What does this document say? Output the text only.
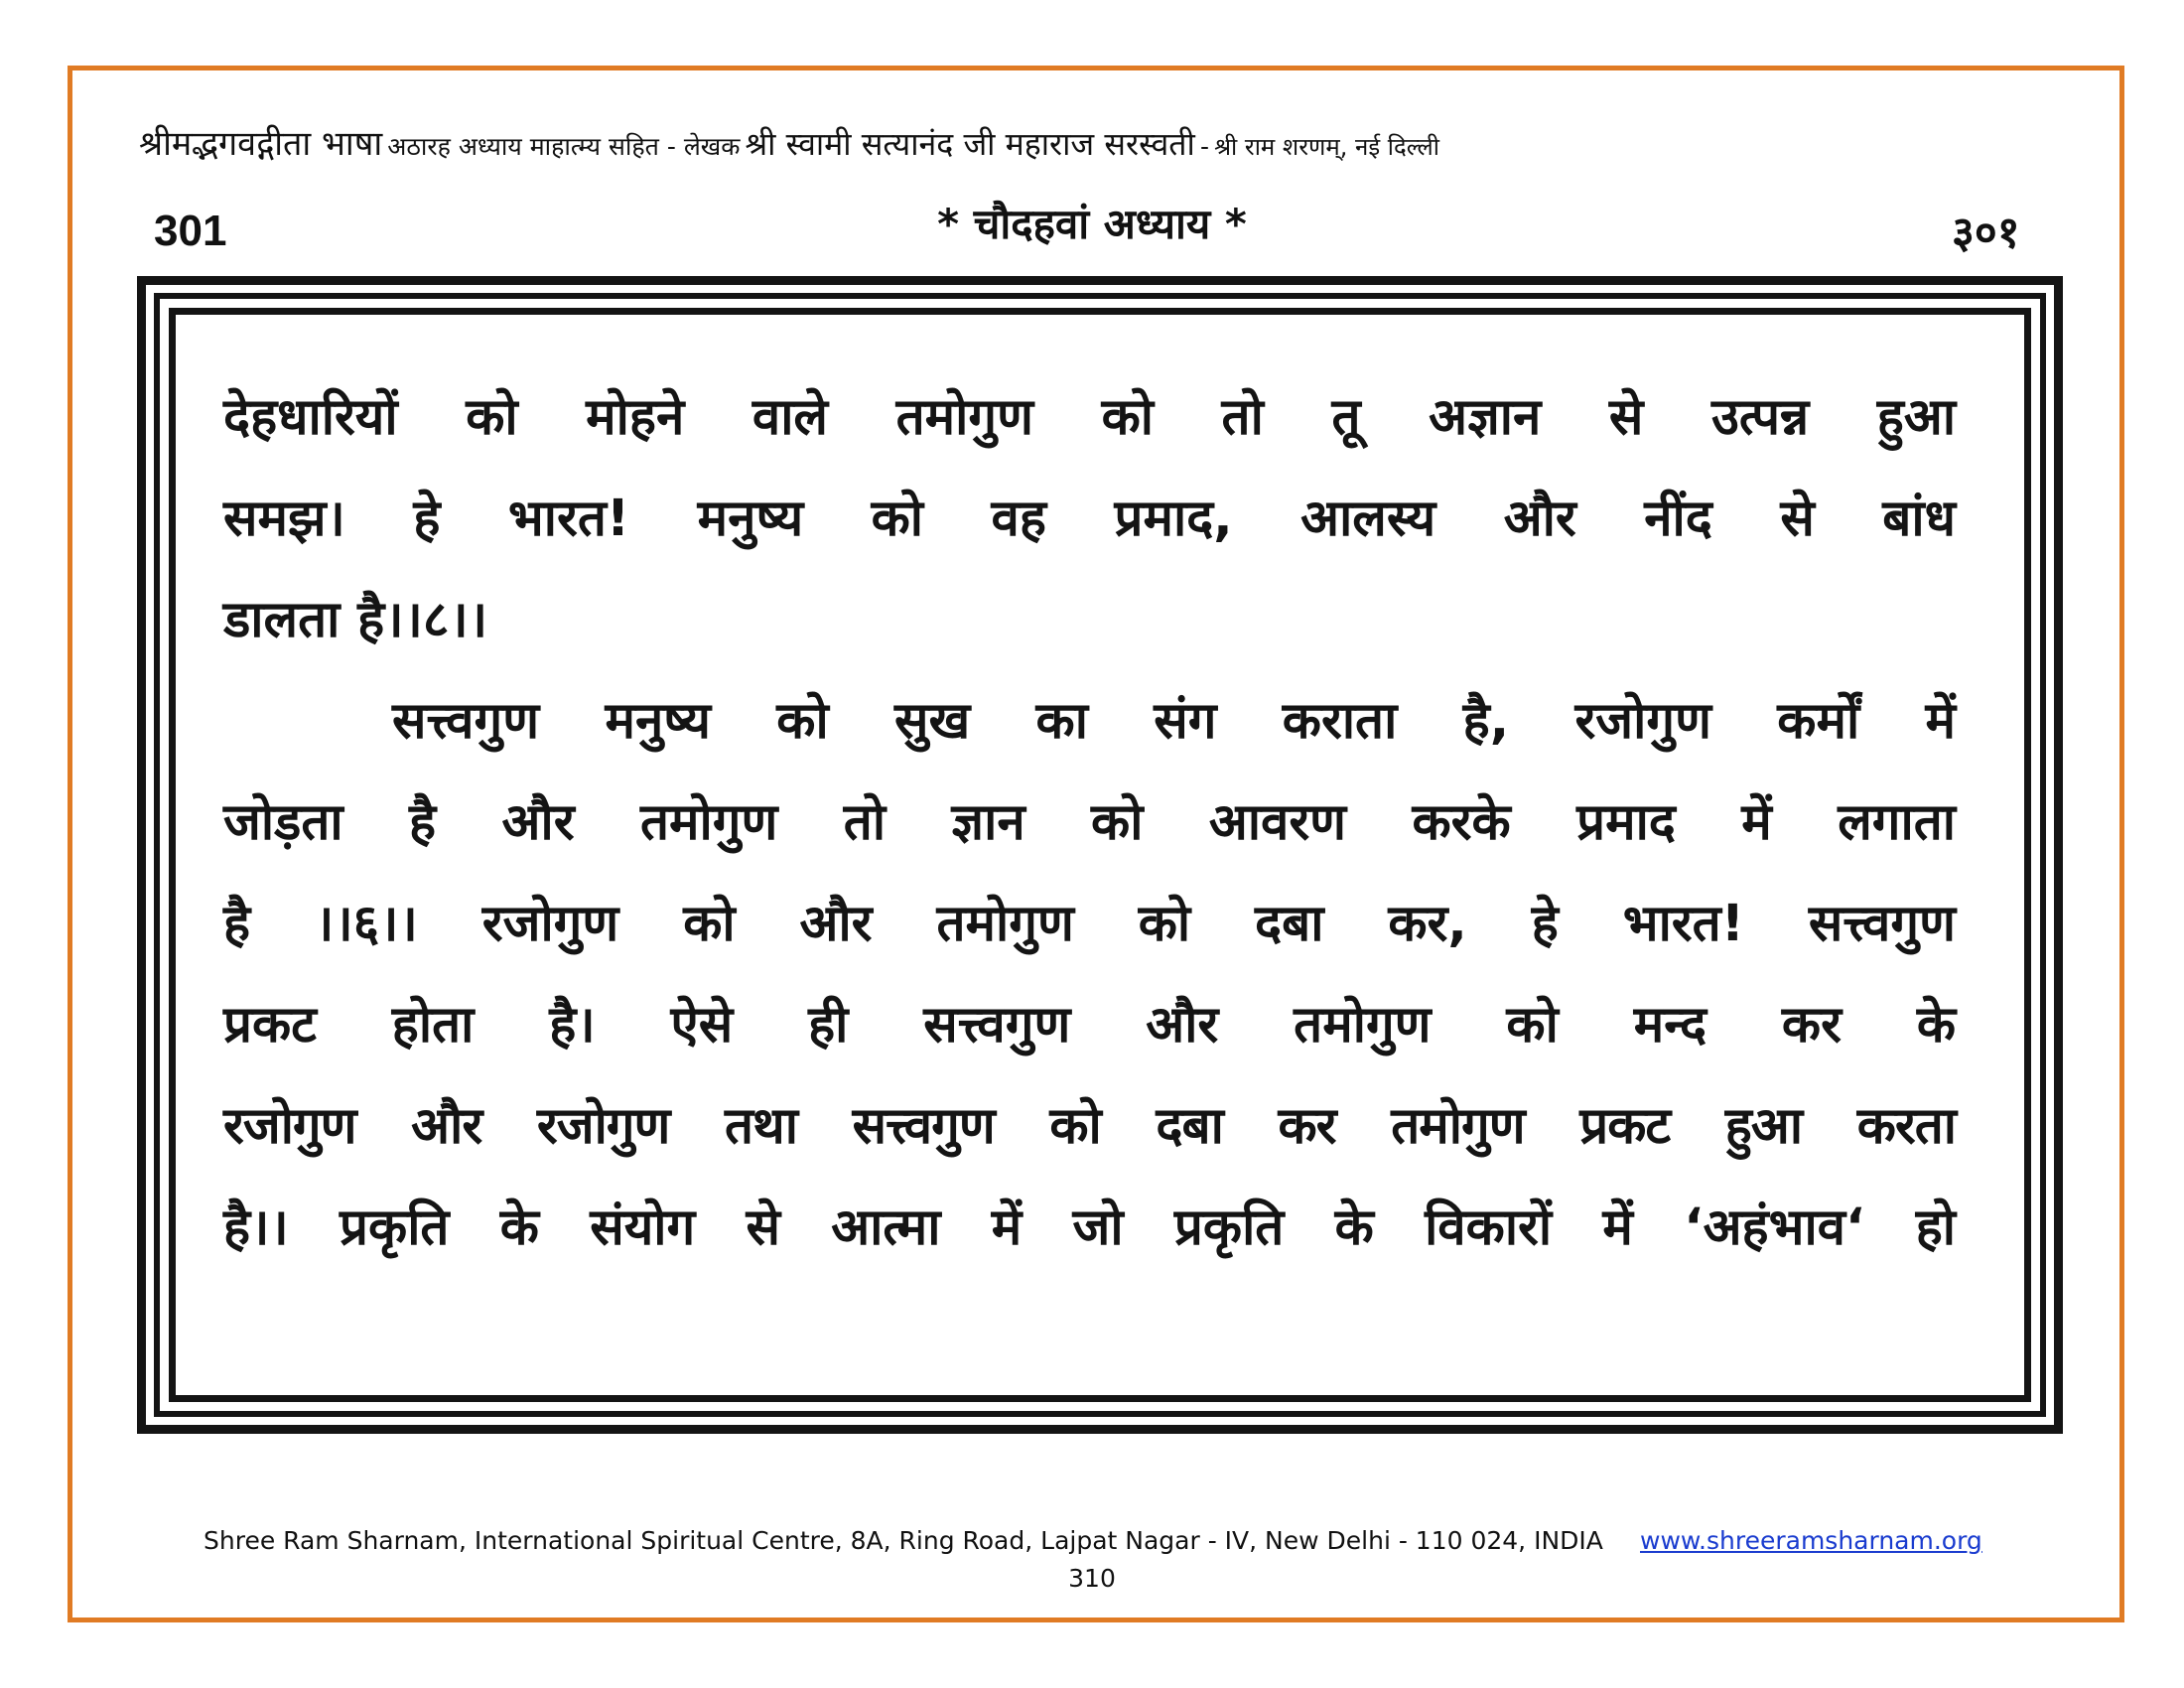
श्रीमद्भगवद्गीता भाषा अठारह अध्याय माहात्म्य सहित - लेखक श्री स्वामी सत्यानंद जी महाराज सरस्वती - श्री राम शरणम्, नई दिल्ली
301	* चौदहवां अध्याय *	३०१
देहधारियों को मोहने वाले तमोगुण को तो तू अज्ञान से उत्पन्न हुआ
समझ। हे भारत! मनुष्य को वह प्रमाद, आलस्य और नींद से बांध
डालता है।।८।।
सत्त्वगुण मनुष्य को सुख का संग कराता है, रजोगुण कर्मों में
जोड़ता है और तमोगुण तो ज्ञान को आवरण करके प्रमाद में लगाता
है ।।६।। रजोगुण को और तमोगुण को दबा कर, हे भारत! सत्त्वगुण
प्रकट होता है। ऐसे ही सत्त्वगुण और तमोगुण को मन्द कर के
रजोगुण और रजोगुण तथा सत्त्वगुण को दबा कर तमोगुण प्रकट हुआ करता
है।। प्रकृति के संयोग से आत्मा में जो प्रकृति के विकारों में ‘अहंभाव‘ हो
Shree Ram Sharnam, International Spiritual Centre, 8A, Ring Road, Lajpat Nagar - IV, New Delhi - 110 024, INDIA www.shreeramsharnam.org
310
